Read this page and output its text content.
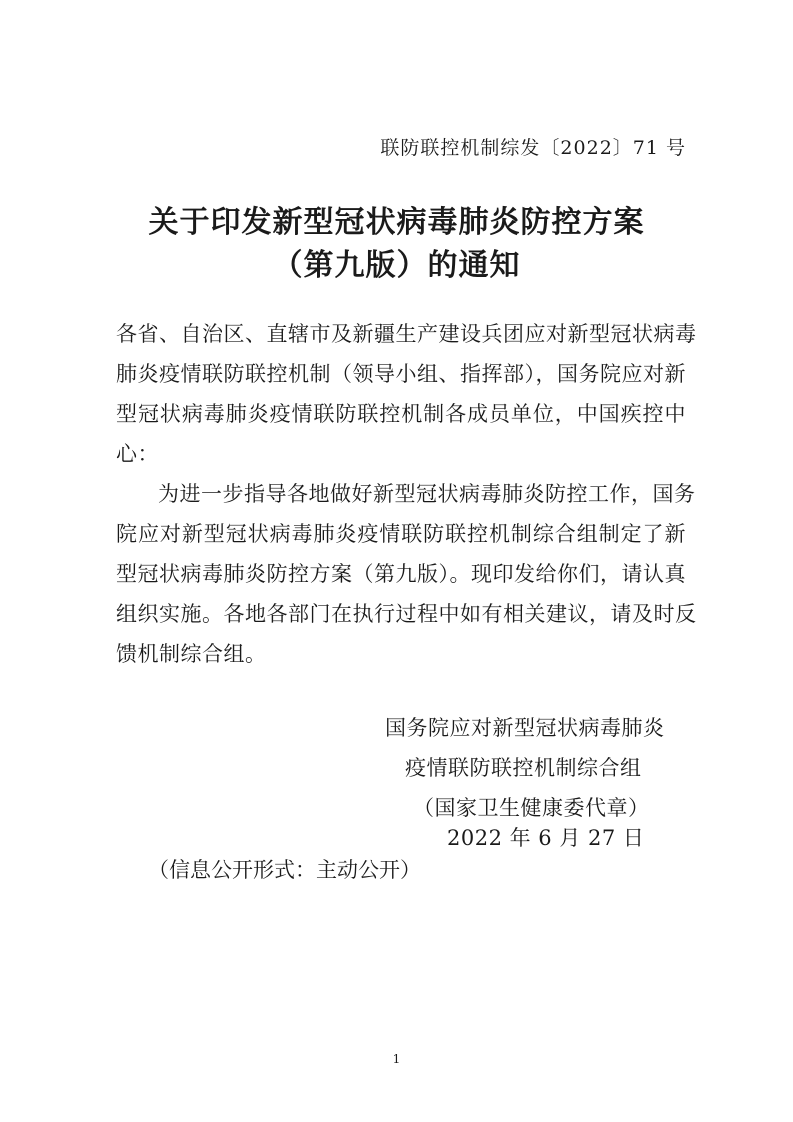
联防联控机制综发〔2022〕71 号
关于印发新型冠状病毒肺炎防控方案
（第九版）的通知
各省、自治区、直辖市及新疆生产建设兵团应对新型冠状病毒
肺炎疫情联防联控机制（领导小组、指挥部），国务院应对新
型冠状病毒肺炎疫情联防联控机制各成员单位，中国疾控中
心：
为进一步指导各地做好新型冠状病毒肺炎防控工作，国务
院应对新型冠状病毒肺炎疫情联防联控机制综合组制定了新
型冠状病毒肺炎防控方案（第九版）。现印发给你们，请认真
组织实施。各地各部门在执行过程中如有相关建议，请及时反
馈机制综合组。
国务院应对新型冠状病毒肺炎
疫情联防联控机制综合组
（国家卫生健康委代章）
2022 年 6 月 27 日
（信息公开形式：主动公开）
1
